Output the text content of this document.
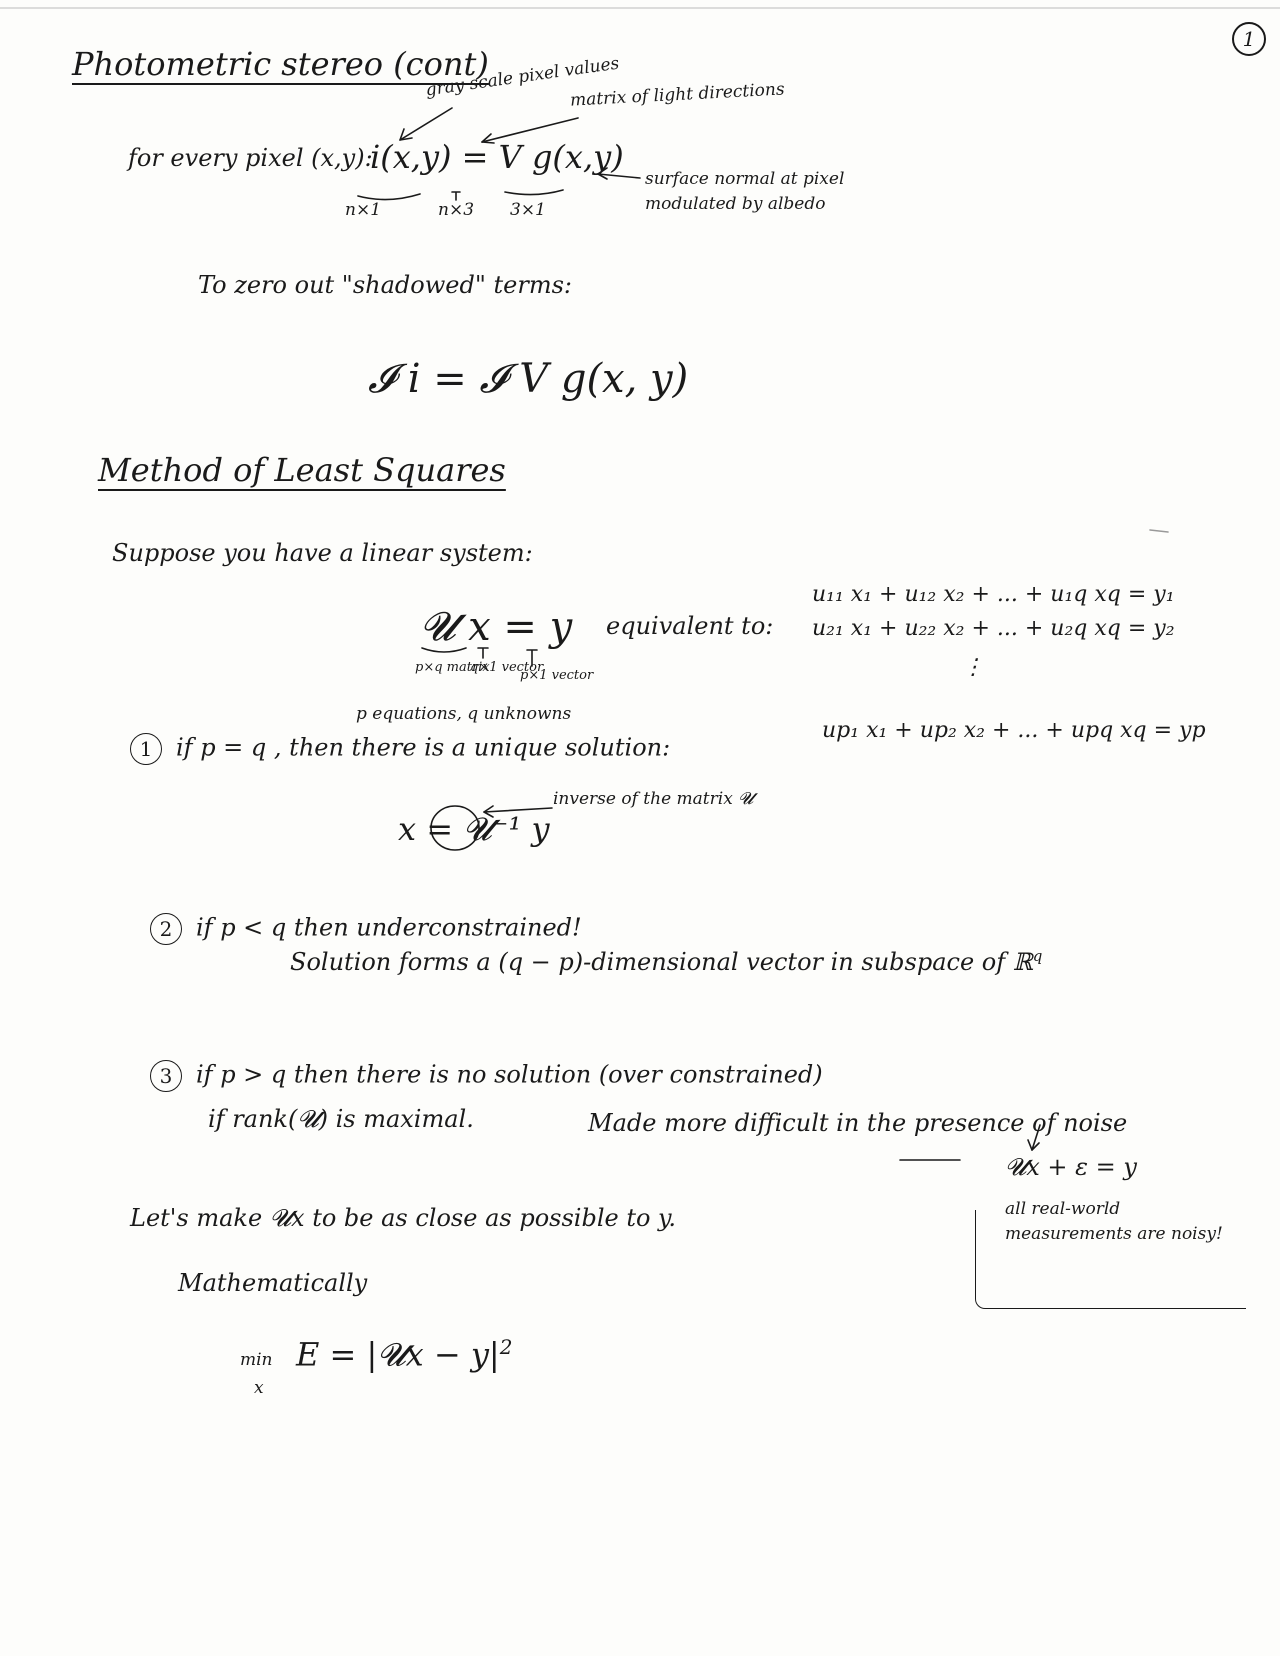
1
Photometric stereo (cont)
gray scale pixel values
matrix of light directions
for every pixel (x,y):
i(x,y) = V g(x,y)
n×1	n×3 3×1
surface normal at pixel
modulated by albedo
To zero out "shadowed" terms:
𝓘 i = 𝓘 V g(x, y)
Method of Least Squares
Suppose you have a linear system:
𝓤 x = y
p×q matrix
q×1 vector
p×1 vector
equivalent to:
u₁₁ x₁ + u₁₂ x₂ + ... + u₁q xq = y₁
u₂₁ x₁ + u₂₂ x₂ + ... + u₂q xq = y₂
⋮
up₁ x₁ + up₂ x₂ + ... + upq xq = yp
p equations, q unknowns
1 if p = q , then there is a unique solution:
x = 𝓤⁻¹ y
inverse of the matrix 𝓤
2 if p < q then underconstrained!
Solution forms a (q − p)-dimensional vector in subspace of ℝ$^q$
3 if p > q then there is no solution (over constrained)
if rank(𝓤) is maximal.	Made more difficult in the presence of noise
𝓤x + ε = y
all real-world
measurements are noisy!
Let's make 𝓤x to be as close as possible to y.
Mathematically
min
x
E = |𝓤x − $y|^2$
